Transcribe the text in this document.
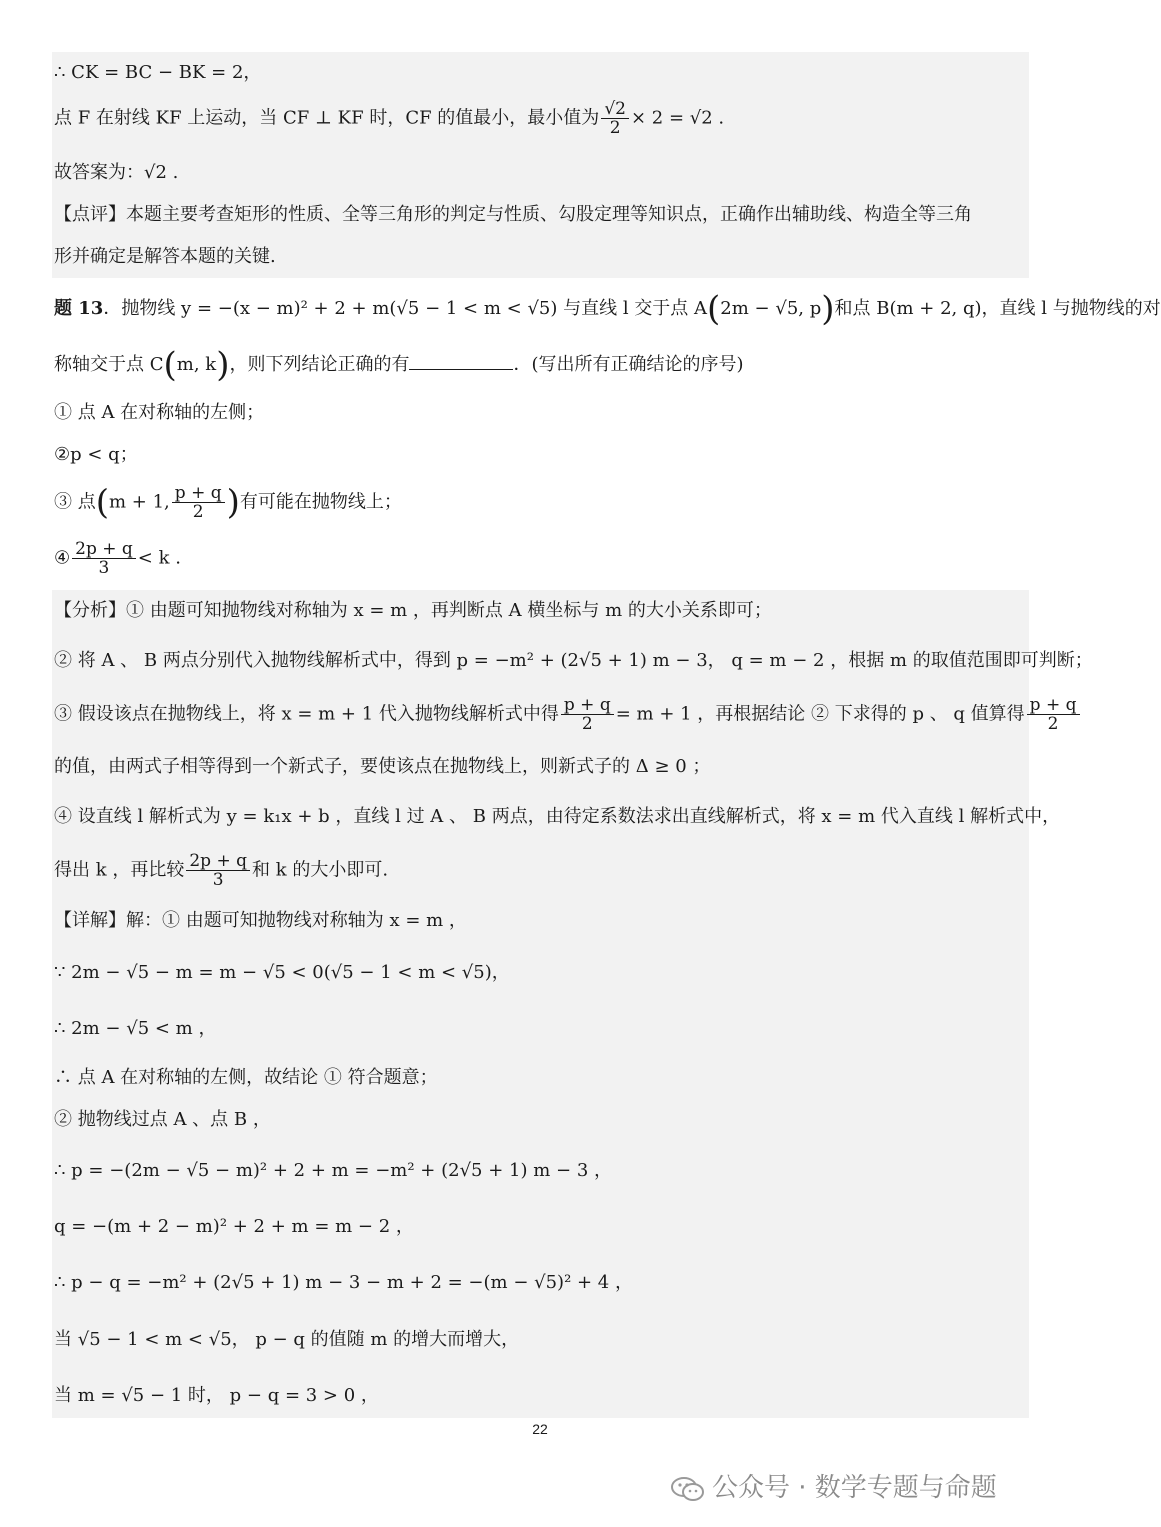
∴ CK = BC − BK = 2，
点 F 在射线 KF 上运动，当 CF ⊥ KF 时，CF 的值最小，最小值为 $\frac{√2}{2} \times 2 = √2$ .
故答案为：√2 .
【点评】本题主要考查矩形的性质、全等三角形的判定与性质、勾股定理等知识点，正确作出辅助线、构造全等三角
形并确定是解答本题的关键.
题 13．抛物线 y = −(x − m)² + 2 + m(√5 − 1 < m < √5) 与直线 l 交于点 A(2m − √5, p)和点 B(m + 2, q)，直线 l 与抛物线的对
称轴交于点 C(m, k)，则下列结论正确的有	．(写出所有正确结论的序号)
① 点 A 在对称轴的左侧；
②p < q；
③ 点(m + 1, $\frac{p + q}{2}$ )有可能在抛物线上；
④ $\frac{2p + q}{3} < k$ .
【分析】① 由题可知抛物线对称轴为 x = m ，再判断点 A 横坐标与 m 的大小关系即可；
② 将 A 、 B 两点分别代入抛物线解析式中，得到 p = −m² + (2√5 + 1) m − 3， q = m − 2 ，根据 m 的取值范围即可判断；
③ 假设该点在抛物线上，将 x = m + 1 代入抛物线解析式中得 $\frac{p + q}{2} = m + 1$ ，再根据结论 ② 下求得的 p 、 q 值算得 $\frac{p + q}{2}$
的值，由两式子相等得到一个新式子，要使该点在抛物线上，则新式子的 Δ ≥ 0 ；
④ 设直线 l 解析式为 y = k₁x + b ，直线 l 过 A 、 B 两点，由待定系数法求出直线解析式，将 x = m 代入直线 l 解析式中，
得出 k ，再比较 $\frac{2p + q}{3}$ 和 k 的大小即可.
【详解】解：① 由题可知抛物线对称轴为 x = m ，
∵ 2m − √5 − m = m − √5 < 0(√5 − 1 < m < √5)，
∴ 2m − √5 < m ，
∴ 点 A 在对称轴的左侧，故结论 ① 符合题意；
② 抛物线过点 A 、点 B ，
∴ p = −(2m − √5 − m)² + 2 + m = −m² + (2√5 + 1) m − 3 ，
q = −(m + 2 − m)² + 2 + m = m − 2 ，
∴ p − q = −m² + (2√5 + 1) m − 3 − m + 2 = −(m − √5)² + 4 ，
当 √5 − 1 < m < √5， p − q 的值随 m 的增大而增大，
当 m = √5 − 1 时， p − q = 3 > 0 ，
22
公众号 · 数学专题与命题
